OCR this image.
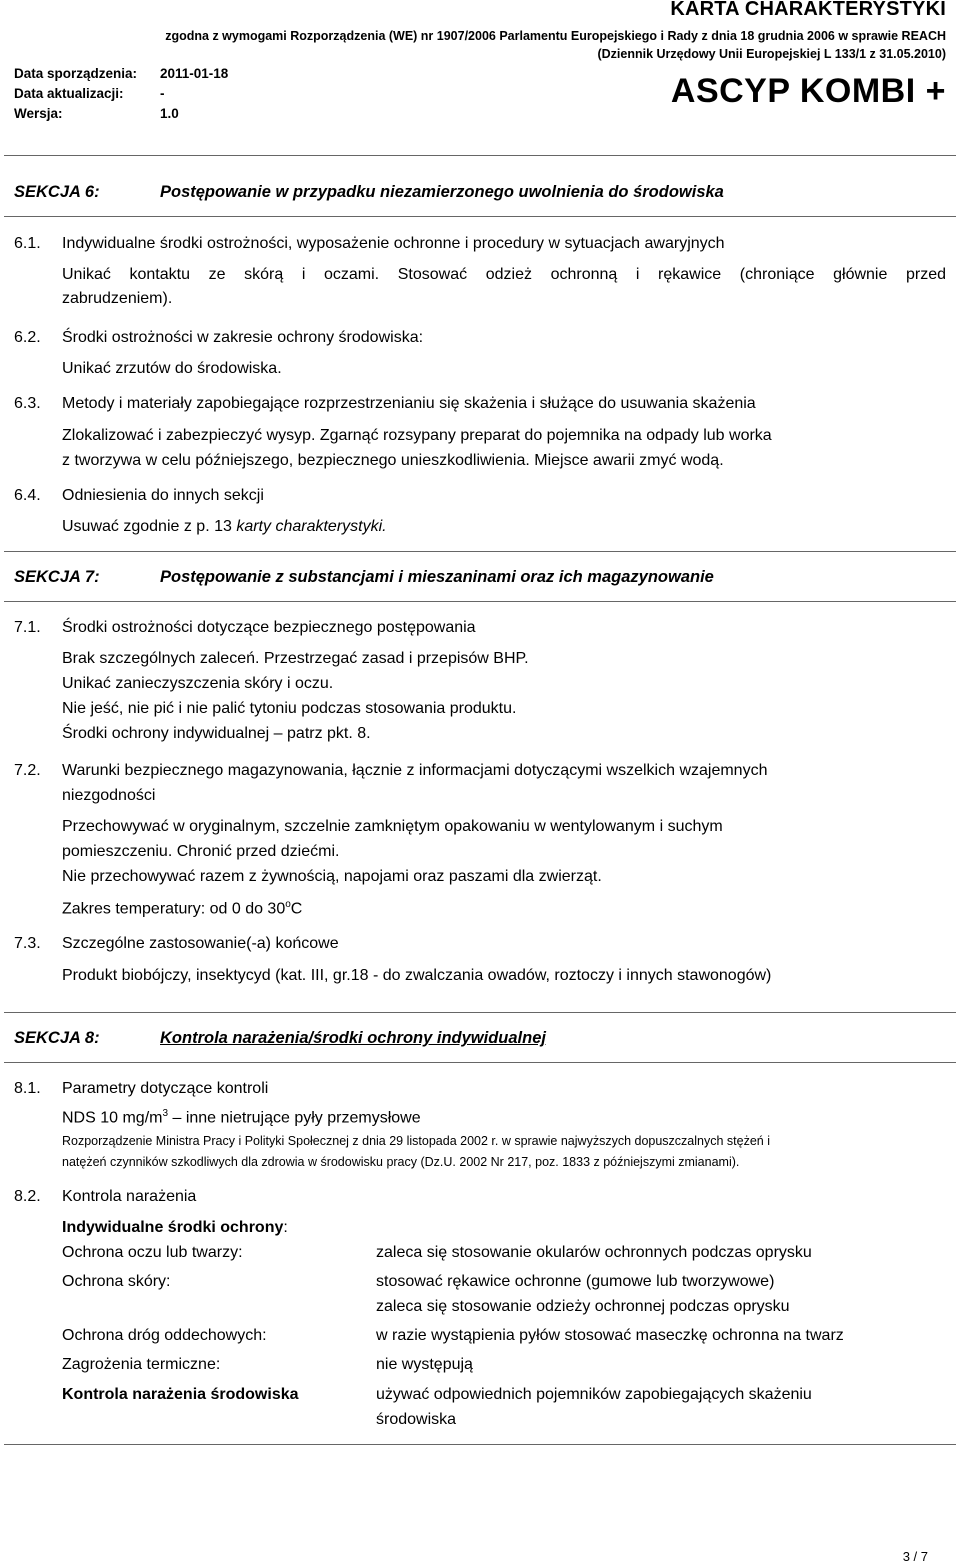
KARTA CHARAKTERYSTYKI
zgodna z wymogami Rozporządzenia (WE) nr 1907/2006 Parlamentu Europejskiego i Rady z dnia 18 grudnia 2006 w sprawie REACH
(Dziennik Urzędowy Unii Europejskiej L 133/1 z 31.05.2010)
Data sporządzenia: 2011-01-18
Data aktualizacji:	-
Wersja:	1.0
ASCYP KOMBI +
SEKCJA 6:	Postępowanie w przypadku niezamierzonego uwolnienia do środowiska
6.1. Indywidualne środki ostrożności, wyposażenie ochronne i procedury w sytuacjach awaryjnych
Unikać kontaktu ze skórą i oczami. Stosować odzież ochronną i rękawice (chroniące głównie przed
zabrudzeniem).
6.2. Środki ostrożności w zakresie ochrony środowiska:
Unikać zrzutów do środowiska.
6.3. Metody i materiały zapobiegające rozprzestrzenianiu się skażenia i służące do usuwania skażenia
Zlokalizować i zabezpieczyć wysyp. Zgarnąć rozsypany preparat do pojemnika na odpady lub worka
z tworzywa w celu późniejszego, bezpiecznego unieszkodliwienia. Miejsce awarii zmyć wodą.
6.4. Odniesienia do innych sekcji
Usuwać zgodnie z p. 13 karty charakterystyki.
SEKCJA 7:	Postępowanie z substancjami i mieszaninami oraz ich magazynowanie
7.1. Środki ostrożności dotyczące bezpiecznego postępowania
Brak szczególnych zaleceń. Przestrzegać zasad i przepisów BHP.
Unikać zanieczyszczenia skóry i oczu.
Nie jeść, nie pić i nie palić tytoniu podczas stosowania produktu.
Środki ochrony indywidualnej – patrz pkt. 8.
7.2. Warunki bezpiecznego magazynowania, łącznie z informacjami dotyczącymi wszelkich wzajemnych
niezgodności
Przechowywać w oryginalnym, szczelnie zamkniętym opakowaniu w wentylowanym i suchym
pomieszczeniu. Chronić przed dziećmi.
Nie przechowywać razem z żywnością, napojami oraz paszami dla zwierząt.
Zakres temperatury: od 0 do 30$^o$C
7.3. Szczególne zastosowanie(-a) końcowe
Produkt biobójczy, insektycyd (kat. III, gr.18 - do zwalczania owadów, roztoczy i innych stawonogów)
SEKCJA 8:	Kontrola narażenia/środki ochrony indywidualnej
8.1. Parametry dotyczące kontroli
NDS 10 $mg/m^3$ – inne nietrujące pyły przemysłowe
Rozporządzenie Ministra Pracy i Polityki Społecznej z dnia 29 listopada 2002 r. w sprawie najwyższych dopuszczalnych stężeń i
natężeń czynników szkodliwych dla zdrowia w środowisku pracy (Dz.U. 2002 Nr 217, poz. 1833 z późniejszymi zmianami).
8.2. Kontrola narażenia
Indywidualne środki ochrony:
Ochrona oczu lub twarzy:	zaleca się stosowanie okularów ochronnych podczas oprysku
Ochrona skóry:	stosować rękawice ochronne (gumowe lub tworzywowe)
zaleca się stosowanie odzieży ochronnej podczas oprysku
Ochrona dróg oddechowych:	w razie wystąpienia pyłów stosować maseczkę ochronna na twarz
Zagrożenia termiczne:	nie występują
Kontrola narażenia środowiska	używać odpowiednich pojemników zapobiegających skażeniu
środowiska
3 / 7
